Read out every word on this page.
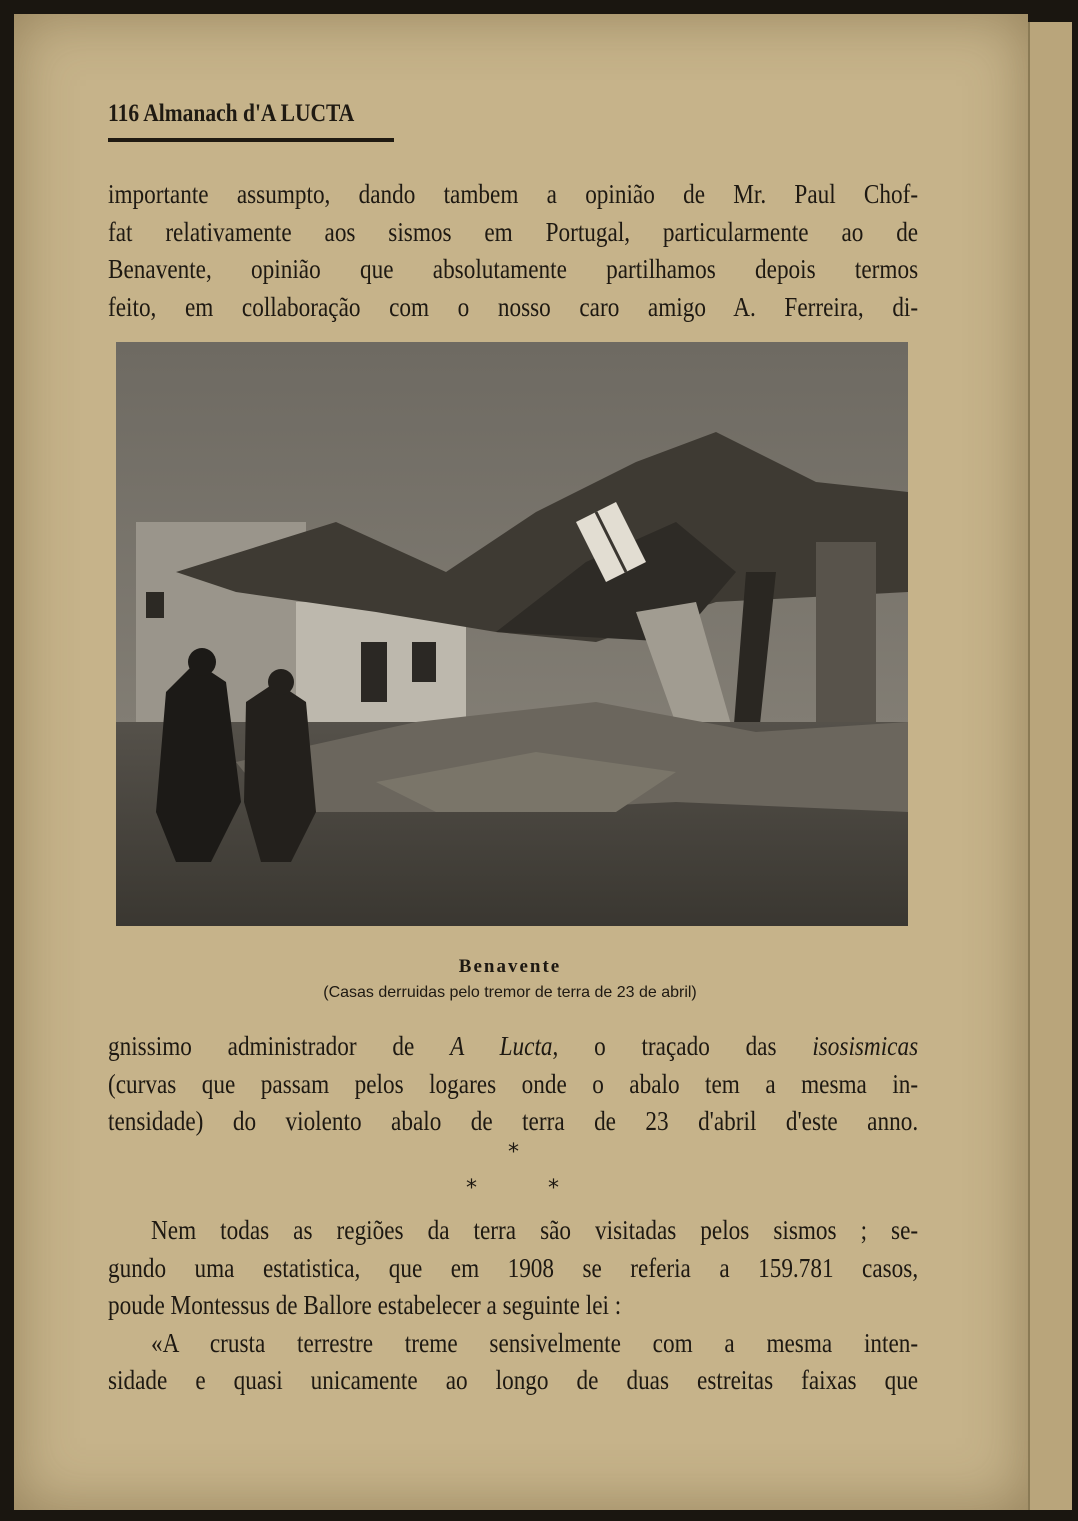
116 Almanach d'A LUCTA

importante assumpto, dando tambem a opinião de Mr. Paul Chof-

fat relativamente aos sismos em Portugal, particularmente ao de

Benavente, opinião que absolutamente partilhamos depois termos

feito, em collaboração com o nosso caro amigo A. Ferreira, di-

Benavente
(Casas derruidas pelo tremor de terra de 23 de abril)

gnissimo administrador de A Lucta, o traçado das isosismicas

(curvas que passam pelos logares onde o abalo tem a mesma in-

tensidade) do violento abalo de terra de 23 d'abril d'este anno.

*
*	*

Nem todas as regiões da terra são visitadas pelos sismos ; se-

gundo uma estatistica, que em 1908 se referia a 159.781 casos,

poude Montessus de Ballore estabelecer a seguinte lei :

«A crusta terrestre treme sensivelmente com a mesma inten-

sidade e quasi unicamente ao longo de duas estreitas faixas que
